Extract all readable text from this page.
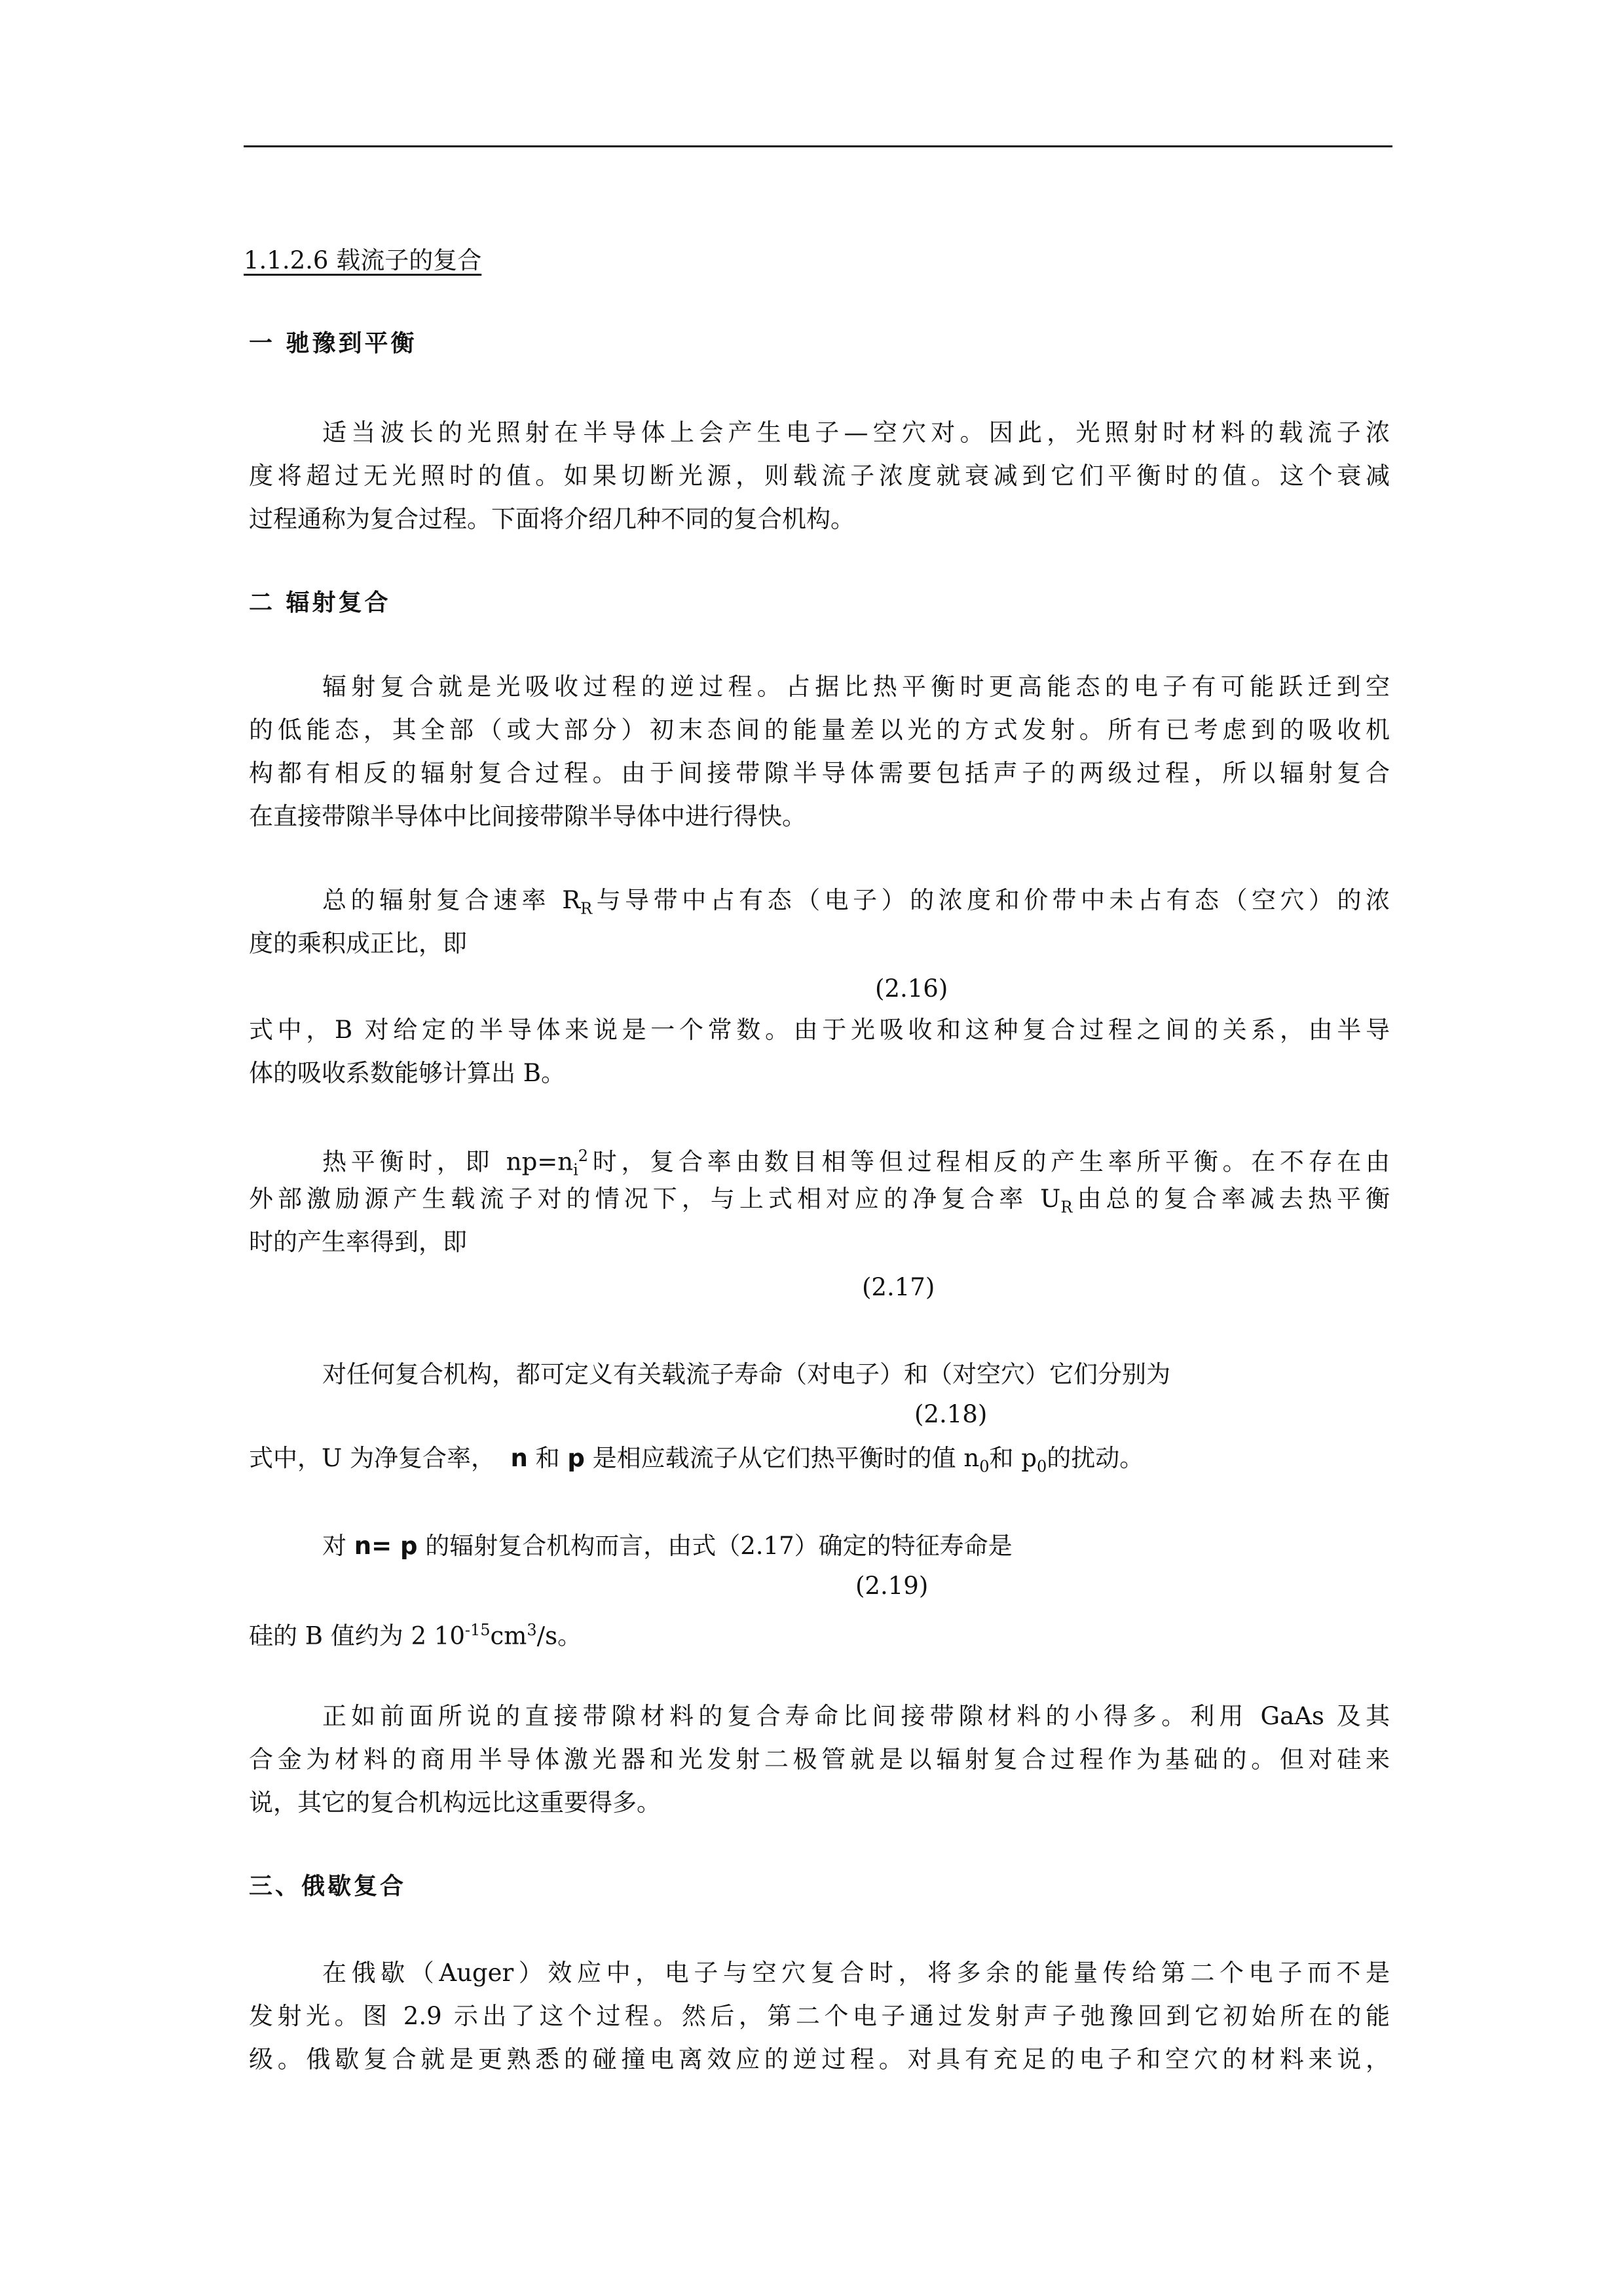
1.1.2.6 载流子的复合
一 驰豫到平衡
适当波长的光照射在半导体上会产生电子—空穴对。因此，光照射时材料的载流子浓
度将超过无光照时的值。如果切断光源，则载流子浓度就衰减到它们平衡时的值。这个衰减
过程通称为复合过程。下面将介绍几种不同的复合机构。
二 辐射复合
辐射复合就是光吸收过程的逆过程。占据比热平衡时更高能态的电子有可能跃迁到空
的低能态，其全部（或大部分）初末态间的能量差以光的方式发射。所有已考虑到的吸收机
构都有相反的辐射复合过程。由于间接带隙半导体需要包括声子的两级过程，所以辐射复合
在直接带隙半导体中比间接带隙半导体中进行得快。
总的辐射复合速率 $R_R$与导带中占有态（电子）的浓度和价带中未占有态（空穴）的浓
度的乘积成正比，即
(2.16)
式中，B 对给定的半导体来说是一个常数。由于光吸收和这种复合过程之间的关系，由半导
体的吸收系数能够计算出 B。
热平衡时，即 $np=n_i^2$时，复合率由数目相等但过程相反的产生率所平衡。在不存在由
外部激励源产生载流子对的情况下，与上式相对应的净复合率 $U_R$由总的复合率减去热平衡
时的产生率得到，即
(2.17)
对任何复合机构，都可定义有关载流子寿命（对电子）和（对空穴）它们分别为
(2.18)
式中，U 为净复合率， n 和 p 是相应载流子从它们热平衡时的值 $n_0$和 $p_0$的扰动。
对 n= p 的辐射复合机构而言，由式（2.17）确定的特征寿命是
(2.19)
硅的 B 值约为 2 $10^{-15}cm^3/s$。
正如前面所说的直接带隙材料的复合寿命比间接带隙材料的小得多。利用 GaAs 及其
合金为材料的商用半导体激光器和光发射二极管就是以辐射复合过程作为基础的。但对硅来
说，其它的复合机构远比这重要得多。
三、俄歇复合
在俄歇（Auger）效应中，电子与空穴复合时，将多余的能量传给第二个电子而不是
发射光。图 2.9 示出了这个过程。然后，第二个电子通过发射声子弛豫回到它初始所在的能
级。俄歇复合就是更熟悉的碰撞电离效应的逆过程。对具有充足的电子和空穴的材料来说，
